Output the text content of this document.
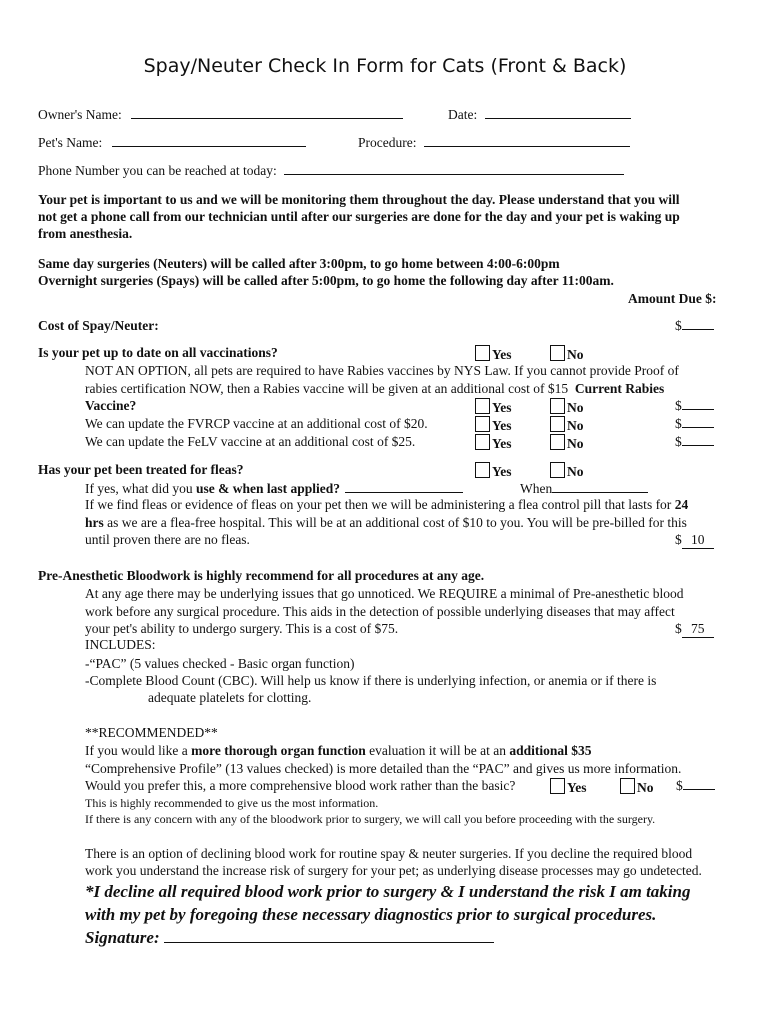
Spay/Neuter Check In Form for Cats (Front & Back)
Owner's Name:	Date:
Pet's Name:	Procedure:
Phone Number you can be reached at today:
Your pet is important to us and we will be monitoring them throughout the day. Please understand that you will
not get a phone call from our technician until after our surgeries are done for the day and your pet is waking up
from anesthesia.
Same day surgeries (Neuters) will be called after 3:00pm, to go home between 4:00-6:00pm
Overnight surgeries (Spays) will be called after 5:00pm, to go home the following day after 11:00am.
Amount Due $:
Cost of Spay/Neuter:	$
Is your pet up to date on all vaccinations?	Yes	No
NOT AN OPTION, all pets are required to have Rabies vaccines by NYS Law. If you cannot provide Proof of
rabies certification NOW, then a Rabies vaccine will be given at an additional cost of $15 Current Rabies
Vaccine?	Yes	No	$
We can update the FVRCP vaccine at an additional cost of $20.	Yes	No	$
We can update the FeLV vaccine at an additional cost of $25.	Yes	No	$
Has your pet been treated for fleas?	Yes	No
If yes, what did you use & when last applied?	When
If we find fleas or evidence of fleas on your pet then we will be administering a flea control pill that lasts for 24
hrs as we are a flea-free hospital. This will be at an additional cost of $10 to you. You will be pre-billed for this
until proven there are no fleas.	$ 10
Pre-Anesthetic Bloodwork is highly recommend for all procedures at any age.
At any age there may be underlying issues that go unnoticed. We REQUIRE a minimal of Pre-anesthetic blood
work before any surgical procedure. This aids in the detection of possible underlying diseases that may affect
your pet's ability to undergo surgery. This is a cost of $75.	$ 75
INCLUDES:
-“PAC” (5 values checked - Basic organ function)
-Complete Blood Count (CBC). Will help us know if there is underlying infection, or anemia or if there is
adequate platelets for clotting.
**RECOMMENDED**
If you would like a more thorough organ function evaluation it will be at an additional $35
“Comprehensive Profile” (13 values checked) is more detailed than the “PAC” and gives us more information.
Would you prefer this, a more comprehensive blood work rather than the basic?	Yes	No $
This is highly recommended to give us the most information.
If there is any concern with any of the bloodwork prior to surgery, we will call you before proceeding with the surgery.
There is an option of declining blood work for routine spay & neuter surgeries. If you decline the required blood
work you understand the increase risk of surgery for your pet; as underlying disease processes may go undetected.
*I decline all required blood work prior to surgery & I understand the risk I am taking
with my pet by foregoing these necessary diagnostics prior to surgical procedures.
Signature:
